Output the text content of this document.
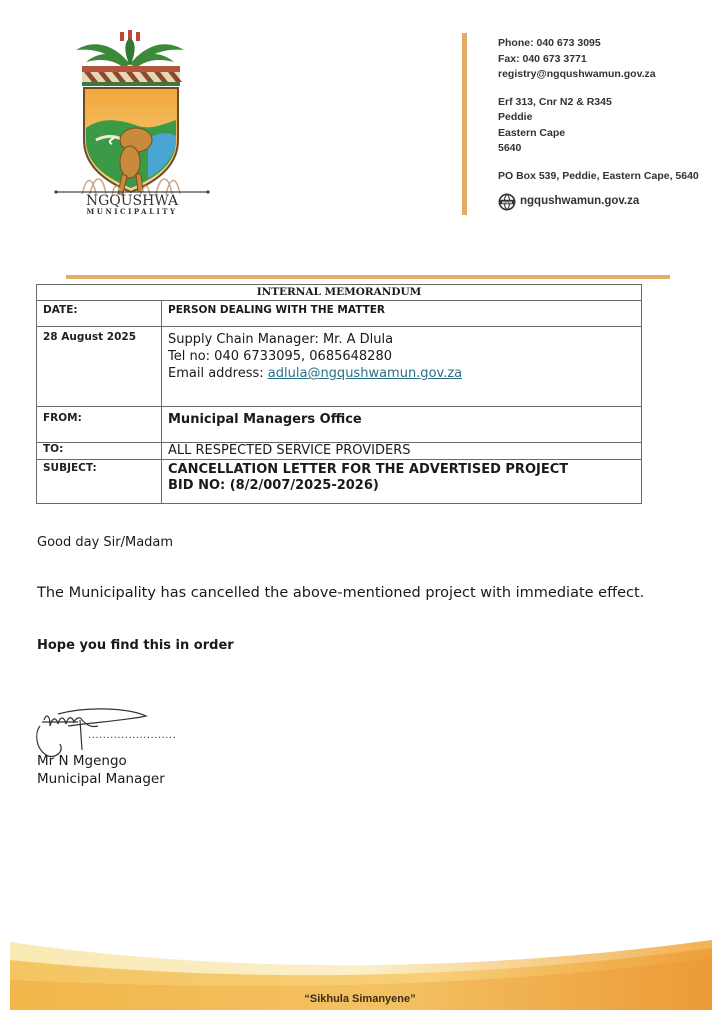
NGQUSHWA
MUNICIPALITY
Phone: 040 673 3095
Fax: 040 673 3771
registry@ngqushwamun.gov.za
Erf 313, Cnr N2 & R345
Peddie
Eastern Cape
5640
PO Box 539, Peddie, Eastern Cape, 5640
www ngqushwamun.gov.za
INTERNAL MEMORANDUM	
DATE:	PERSON DEALING WITH THE MATTER
28 August 2025	Supply Chain Manager: Mr. A Dlula
Tel no: 040 6733095, 0685648280
Email address: adlula@ngqushwamun.gov.za

FROM:	Municipal Managers Office
TO:	ALL RESPECTED SERVICE PROVIDERS
SUBJECT:	CANCELLATION LETTER FOR THE ADVERTISED PROJECT
BID NO: (8/2/007/2025-2026)
Good day Sir/Madam
The Municipality has cancelled the above-mentioned project with immediate effect.
Hope you find this in order
........................
Mr N Mgengo
Municipal Manager
“Sikhula Simanyene”
